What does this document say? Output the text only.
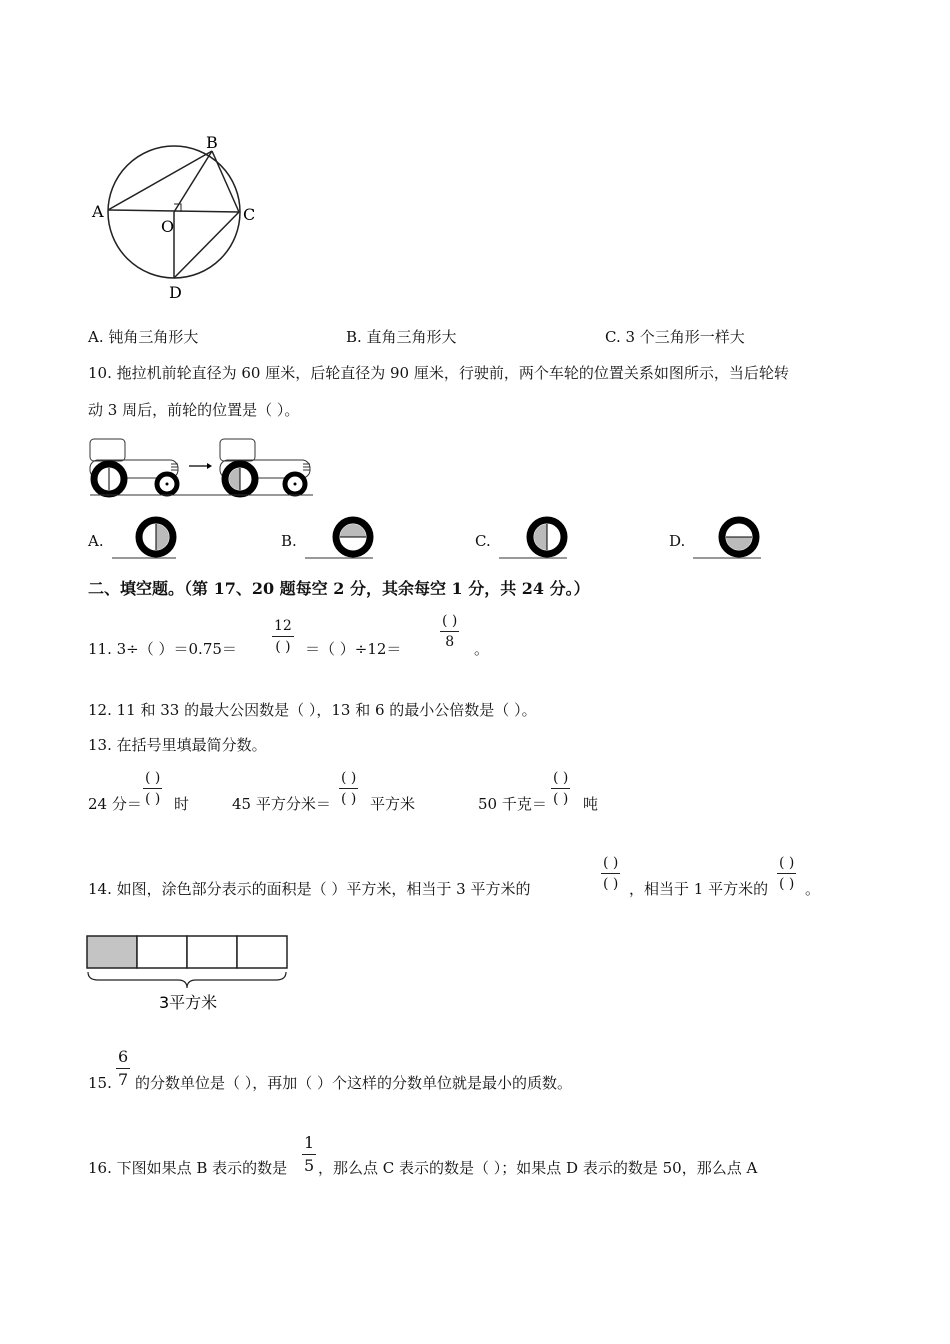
A
B
C
D
O
A. 钝角三角形大	B. 直角三角形大	C. 3 个三角形一样大
10. 拖拉机前轮直径为 60 厘米，后轮直径为 90 厘米，行驶前，两个车轮的位置关系如图所示，当后轮转
动 3 周后，前轮的位置是（ ）。
A.	B.	C.	D.
二、填空题。（第 17、20 题每空 2 分，其余每空 1 分，共 24 分。）
11. 3÷（ ）＝0.75＝
12
( ) ＝（ ）÷12＝
( )
8 。
12. 11 和 33 的最大公因数是（ ），13 和 6 的最小公倍数是（ ）。
13. 在括号里填最简分数。
24 分＝
( )
( ) 时	45 平方分米＝
( )
( ) 平方米	50 千克＝
( )
( ) 吨
14. 如图，涂色部分表示的面积是（ ）平方米，相当于 3 平方米的
( )
( ) ，相当于 1 平方米的
( )
( ) 。
3平方米
15. $\frac{6}{7}$ 的分数单位是（ ），再加（ ）个这样的分数单位就是最小的质数。
16. 下图如果点 B 表示的数是 $\frac{1}{5}$ ，那么点 C 表示的数是（ ）；如果点 D 表示的数是 50，那么点 A
